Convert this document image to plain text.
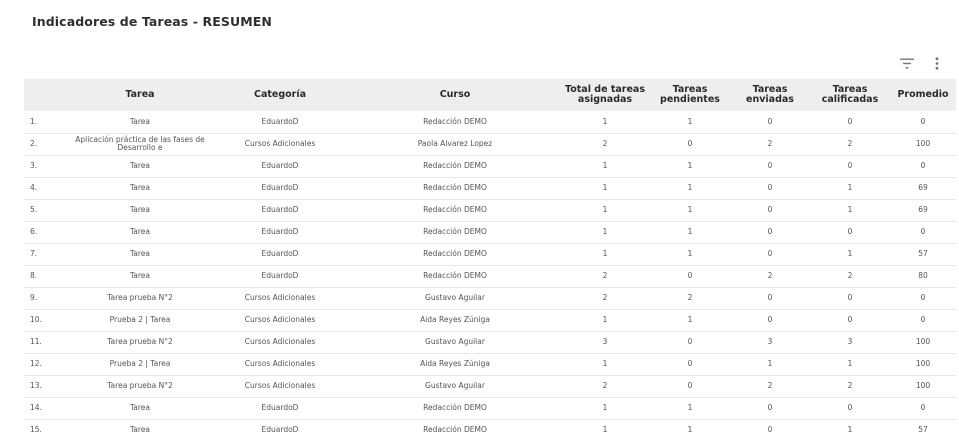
Indicadores de Tareas - RESUMEN
	Tarea	Categoría	Curso	Total de tareas asignadas	Tareas pendientes	Tareas enviadas	Tareas calificadas	Promedio
1.	Tarea	EduardoD	Redacción DEMO	1	1	0	0	0
2.	Aplicación práctica de las fases de Desarrollo e	Cursos Adicionales	Paola Alvarez Lopez	2	0	2	2	100
3.	Tarea	EduardoD	Redacción DEMO	1	1	0	0	0
4.	Tarea	EduardoD	Redacción DEMO	1	1	0	1	69
5.	Tarea	EduardoD	Redacción DEMO	1	1	0	1	69
6.	Tarea	EduardoD	Redacción DEMO	1	1	0	0	0
7.	Tarea	EduardoD	Redacción DEMO	1	1	0	1	57
8.	Tarea	EduardoD	Redacción DEMO	2	0	2	2	80
9.	Tarea prueba N°2	Cursos Adicionales	Gustavo Aguilar	2	2	0	0	0
10.	Prueba 2 | Tarea	Cursos Adicionales	Aida Reyes Zúniga	1	1	0	0	0
11.	Tarea prueba N°2	Cursos Adicionales	Gustavo Aguilar	3	0	3	3	100
12.	Prueba 2 | Tarea	Cursos Adicionales	Aida Reyes Zúniga	1	0	1	1	100
13.	Tarea prueba N°2	Cursos Adicionales	Gustavo Aguilar	2	0	2	2	100
14.	Tarea	EduardoD	Redacción DEMO	1	1	0	0	0
15.	Tarea	EduardoD	Redacción DEMO	1	1	0	1	57
